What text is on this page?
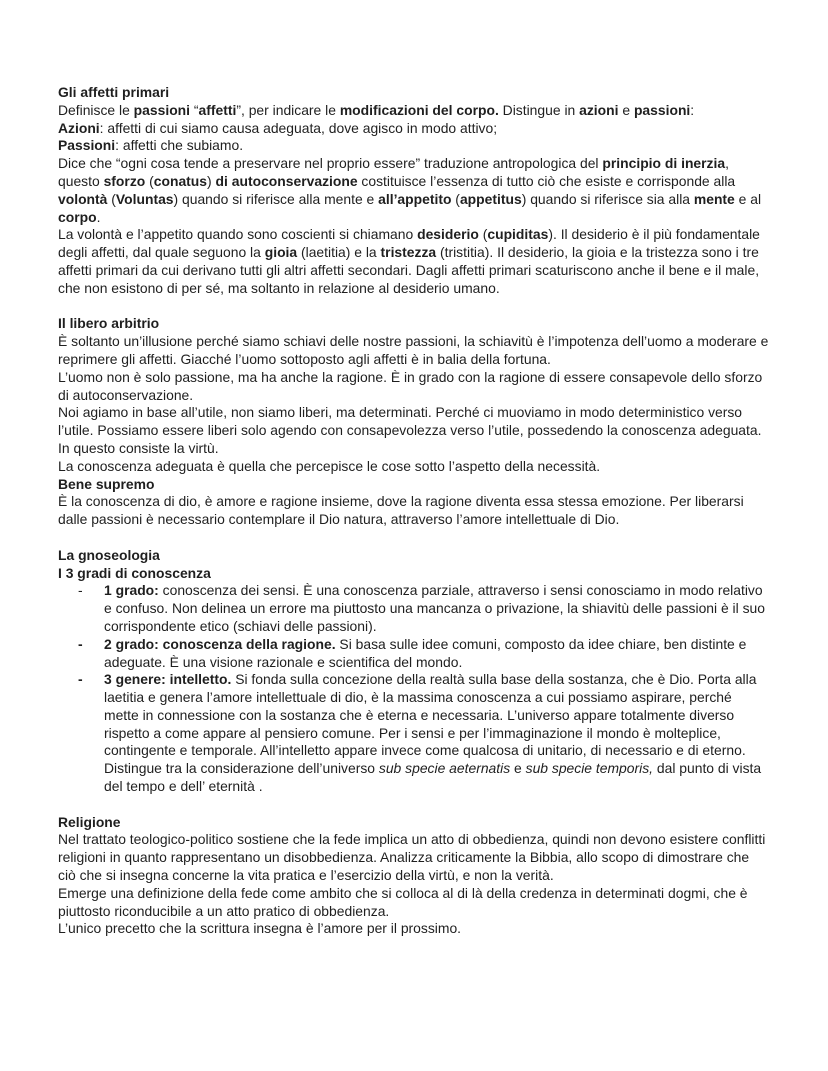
Gli affetti primari

Definisce le passioni “affetti”, per indicare le modificazioni del corpo. Distingue in azioni e passioni:

Azioni: affetti di cui siamo causa adeguata, dove agisco in modo attivo;

Passioni: affetti che subiamo.

Dice che “ogni cosa tende a preservare nel proprio essere” traduzione antropologica del principio di inerzia, questo sforzo (conatus) di autoconservazione costituisce l’essenza di tutto ciò che esiste e corrisponde alla volontà (Voluntas) quando si riferisce alla mente e all’appetito (appetitus) quando si riferisce sia alla mente e al corpo.

La volontà e l’appetito quando sono coscienti si chiamano desiderio (cupiditas). Il desiderio è il più fondamentale degli affetti, dal quale seguono la gioia (laetitia) e la tristezza (tristitia). Il desiderio, la gioia e la tristezza sono i tre affetti primari da cui derivano tutti gli altri affetti secondari. Dagli affetti primari scaturiscono anche il bene e il male, che non esistono di per sé, ma soltanto in relazione al desiderio umano.

Il libero arbitrio

È soltanto un’illusione perché siamo schiavi delle nostre passioni, la schiavitù è l’impotenza dell’uomo a moderare e reprimere gli affetti. Giacché l’uomo sottoposto agli affetti è in balia della fortuna.

L’uomo non è solo passione, ma ha anche la ragione. È in grado con la ragione di essere consapevole dello sforzo di autoconservazione.

Noi agiamo in base all’utile, non siamo liberi, ma determinati. Perché ci muoviamo in modo deterministico verso l’utile. Possiamo essere liberi solo agendo con consapevolezza verso l’utile, possedendo la conoscenza adeguata. In questo consiste la virtù.

La conoscenza adeguata è quella che percepisce le cose sotto l’aspetto della necessità.

Bene supremo

È la conoscenza di dio, è amore e ragione insieme, dove la ragione diventa essa stessa emozione. Per liberarsi dalle passioni è necessario contemplare il Dio natura, attraverso l’amore intellettuale di Dio.

La gnoseologia

I 3 gradi di conoscenza

- 1 grado: conoscenza dei sensi. È una conoscenza parziale, attraverso i sensi conosciamo in modo relativo e confuso. Non delinea un errore ma piuttosto una mancanza o privazione, la shiavitù delle passioni è il suo corrispondente etico (schiavi delle passioni).
- 2 grado: conoscenza della ragione. Si basa sulle idee comuni, composto da idee chiare, ben distinte e adeguate. È una visione razionale e scientifica del mondo.
- 3 genere: intelletto. Si fonda sulla concezione della realtà sulla base della sostanza, che è Dio. Porta alla laetitia e genera l’amore intellettuale di dio, è la massima conoscenza a cui possiamo aspirare, perché mette in connessione con la sostanza che è eterna e necessaria. L’universo appare totalmente diverso rispetto a come appare al pensiero comune. Per i sensi e per l’immaginazione il mondo è molteplice, contingente e temporale. All’intelletto appare invece come qualcosa di unitario, di necessario e di eterno. Distingue tra la considerazione dell’universo sub specie aeternatis e sub specie temporis, dal punto di vista del tempo e dell’ eternità .

Religione

Nel trattato teologico-politico sostiene che la fede implica un atto di obbedienza, quindi non devono esistere conflitti religioni in quanto rappresentano un disobbedienza. Analizza criticamente la Bibbia, allo scopo di dimostrare che ciò che si insegna concerne la vita pratica e l’esercizio della virtù, e non la verità.

Emerge una definizione della fede come ambito che si colloca al di là della credenza in determinati dogmi, che è piuttosto riconducibile a un atto pratico di obbedienza.

L’unico precetto che la scrittura insegna è l’amore per il prossimo.
